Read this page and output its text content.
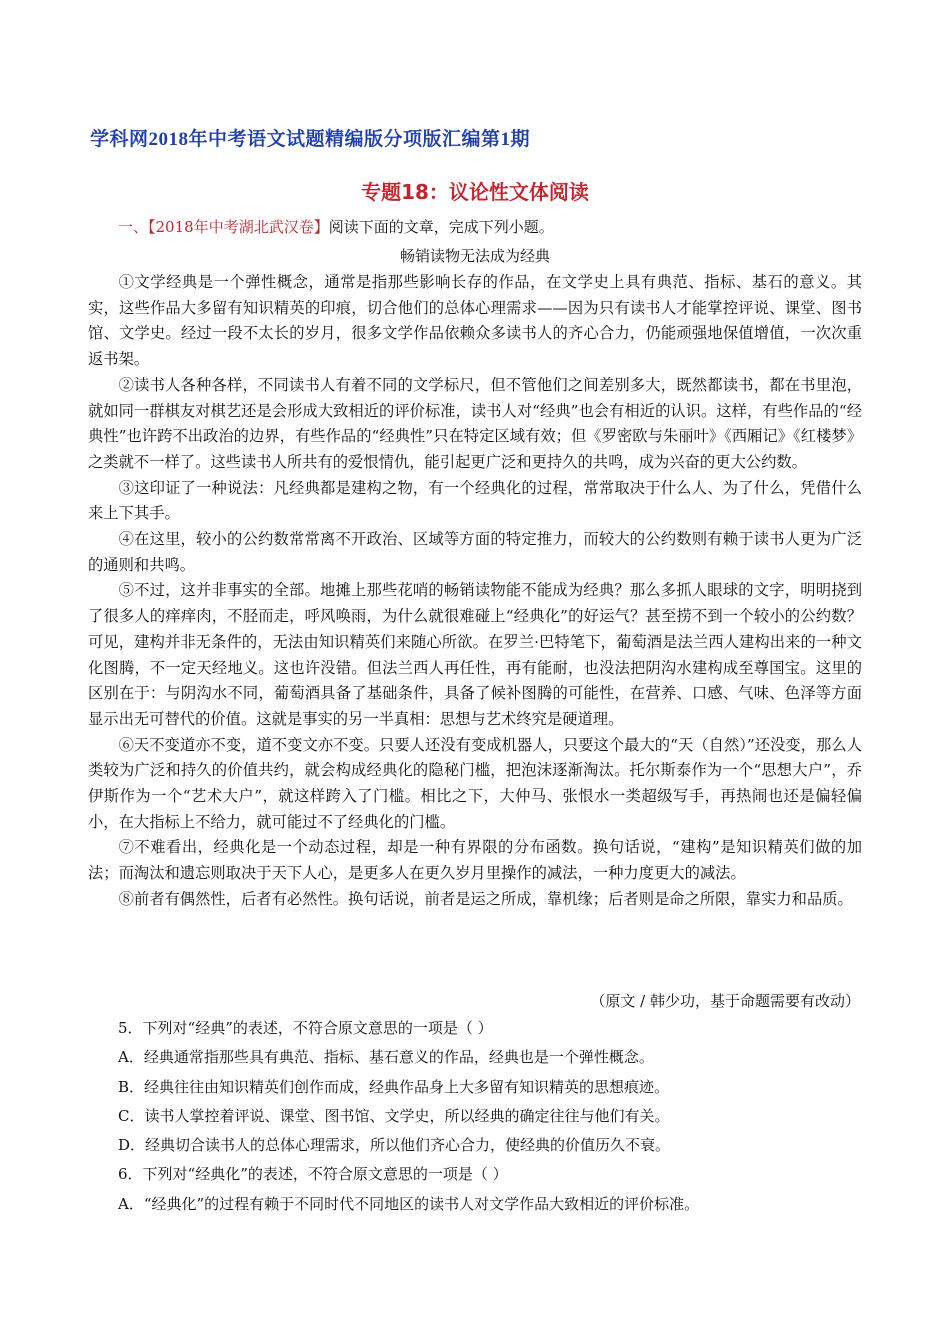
学科网2018年中考语文试题精编版分项版汇编第1期
专题18：议论性文体阅读
一、【2018年中考湖北武汉卷】阅读下面的文章，完成下列小题。
畅销读物无法成为经典

①文学经典是一个弹性概念，通常是指那些影响长存的作品，在文学史上具有典范、指标、基石的意义。其实，这些作品大多留有知识精英的印痕，切合他们的总体心理需求——因为只有读书人才能掌控评说、课堂、图书馆、文学史。经过一段不太长的岁月，很多文学作品依赖众多读书人的齐心合力，仍能顽强地保值增值，一次次重返书架。

②读书人各种各样，不同读书人有着不同的文学标尺，但不管他们之间差别多大，既然都读书，都在书里泡，就如同一群棋友对棋艺还是会形成大致相近的评价标准，读书人对“经典”也会有相近的认识。这样，有些作品的“经典性”也许跨不出政治的边界，有些作品的“经典性”只在特定区域有效；但《罗密欧与朱丽叶》《西厢记》《红楼梦》之类就不一样了。这些读书人所共有的爱恨情仇，能引起更广泛和更持久的共鸣，成为兴奋的更大公约数。

③这印证了一种说法：凡经典都是建构之物，有一个经典化的过程，常常取决于什么人、为了什么，凭借什么来上下其手。

④在这里，较小的公约数常常离不开政治、区域等方面的特定推力，而较大的公约数则有赖于读书人更为广泛的通则和共鸣。

⑤不过，这并非事实的全部。地摊上那些花哨的畅销读物能不能成为经典？那么多抓人眼球的文字，明明挠到了很多人的痒痒肉，不胫而走，呼风唤雨，为什么就很难碰上“经典化”的好运气？甚至捞不到一个较小的公约数？可见，建构并非无条件的，无法由知识精英们来随心所欲。在罗兰·巴特笔下，葡萄酒是法兰西人建构出来的一种文化图腾，不一定天经地义。这也许没错。但法兰西人再任性，再有能耐，也没法把阴沟水建构成至尊国宝。这里的区别在于：与阴沟水不同，葡萄酒具备了基础条件，具备了候补图腾的可能性，在营养、口感、气味、色泽等方面显示出无可替代的价值。这就是事实的另一半真相：思想与艺术终究是硬道理。

⑥天不变道亦不变，道不变文亦不变。只要人还没有变成机器人，只要这个最大的“天（自然）”还没变，那么人类较为广泛和持久的价值共约，就会构成经典化的隐秘门槛，把泡沫逐渐淘汰。托尔斯泰作为一个“思想大户”，乔伊斯作为一个“艺术大户”，就这样跨入了门槛。相比之下，大仲马、张恨水一类超级写手，再热闹也还是偏轻偏小，在大指标上不给力，就可能过不了经典化的门槛。

⑦不难看出，经典化是一个动态过程，却是一种有界限的分布函数。换句话说，“建构”是知识精英们做的加法；而淘汰和遗忘则取决于天下人心，是更多人在更久岁月里操作的减法，一种力度更大的减法。

⑧前者有偶然性，后者有必然性。换句话说，前者是运之所成，靠机缘；后者则是命之所限，靠实力和品质。

（原文 / 韩少功，基于命题需要有改动）

5．下列对“经典”的表述，不符合原文意思的一项是（ ）

A．经典通常指那些具有典范、指标、基石意义的作品，经典也是一个弹性概念。

B．经典往往由知识精英们创作而成，经典作品身上大多留有知识精英的思想痕迹。

C．读书人掌控着评说、课堂、图书馆、文学史，所以经典的确定往往与他们有关。

D．经典切合读书人的总体心理需求，所以他们齐心合力，使经典的价值历久不衰。

6．下列对“经典化”的表述，不符合原文意思的一项是（ ）

A．“经典化”的过程有赖于不同时代不同地区的读书人对文学作品大致相近的评价标准。
